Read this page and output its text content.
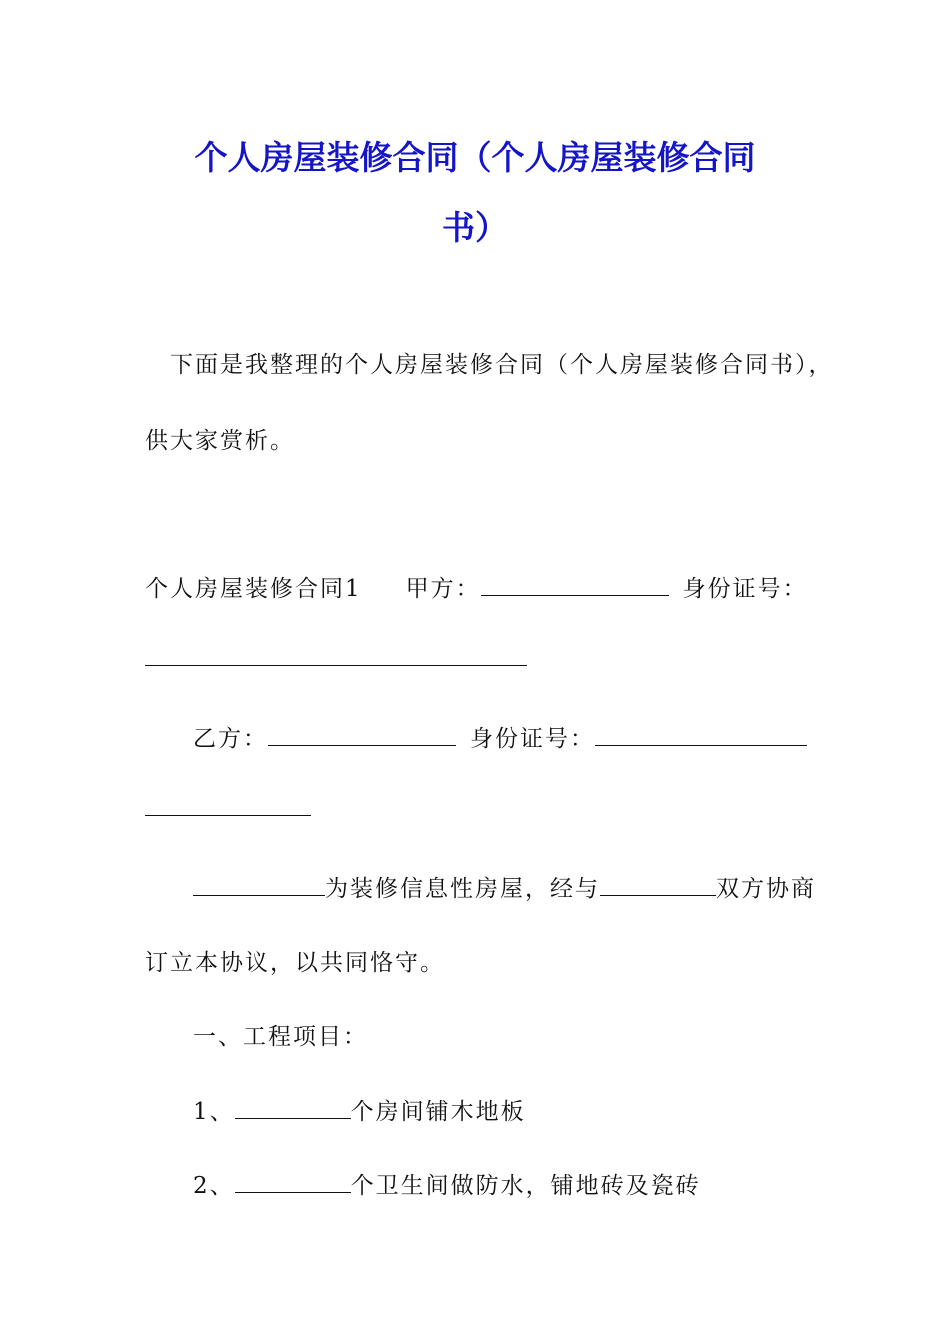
个人房屋装修合同（个人房屋装修合同
书）
下面是我整理的个人房屋装修合同（个人房屋装修合同书），
供大家赏析。
个人房屋装修合同1 甲方：	身份证号：
乙方：	身份证号：
为装修信息性房屋，经与	双方协商
订立本协议，以共同恪守。
一、工程项目：
1、	个房间铺木地板
2、	个卫生间做防水，铺地砖及瓷砖
